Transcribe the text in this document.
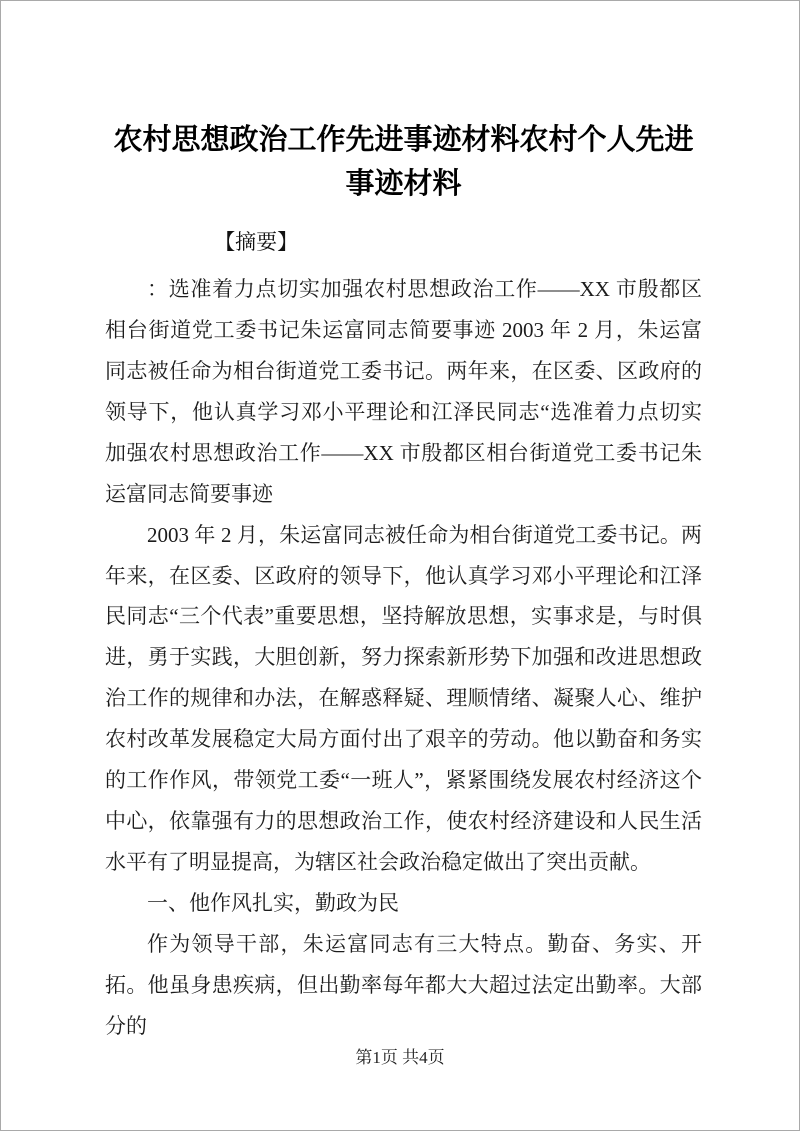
农村思想政治工作先进事迹材料农村个人先进事迹材料
【摘要】

：选准着力点切实加强农村思想政治工作——XX 市殷都区相台街道党工委书记朱运富同志简要事迹 2003 年 2 月，朱运富同志被任命为相台街道党工委书记。两年来，在区委、区政府的领导下，他认真学习邓小平理论和江泽民同志“选准着力点切实加强农村思想政治工作——XX 市殷都区相台街道党工委书记朱运富同志简要事迹

2003 年 2 月，朱运富同志被任命为相台街道党工委书记。两年来，在区委、区政府的领导下，他认真学习邓小平理论和江泽民同志“三个代表”重要思想，坚持解放思想，实事求是，与时俱进，勇于实践，大胆创新，努力探索新形势下加强和改进思想政治工作的规律和办法，在解惑释疑、理顺情绪、凝聚人心、维护农村改革发展稳定大局方面付出了艰辛的劳动。他以勤奋和务实的工作作风，带领党工委“一班人”，紧紧围绕发展农村经济这个中心，依靠强有力的思想政治工作，使农村经济建设和人民生活水平有了明显提高，为辖区社会政治稳定做出了突出贡献。

一、他作风扎实，勤政为民

作为领导干部，朱运富同志有三大特点。勤奋、务实、开拓。他虽身患疾病，但出勤率每年都大大超过法定出勤率。大部分的

第1页 共4页
